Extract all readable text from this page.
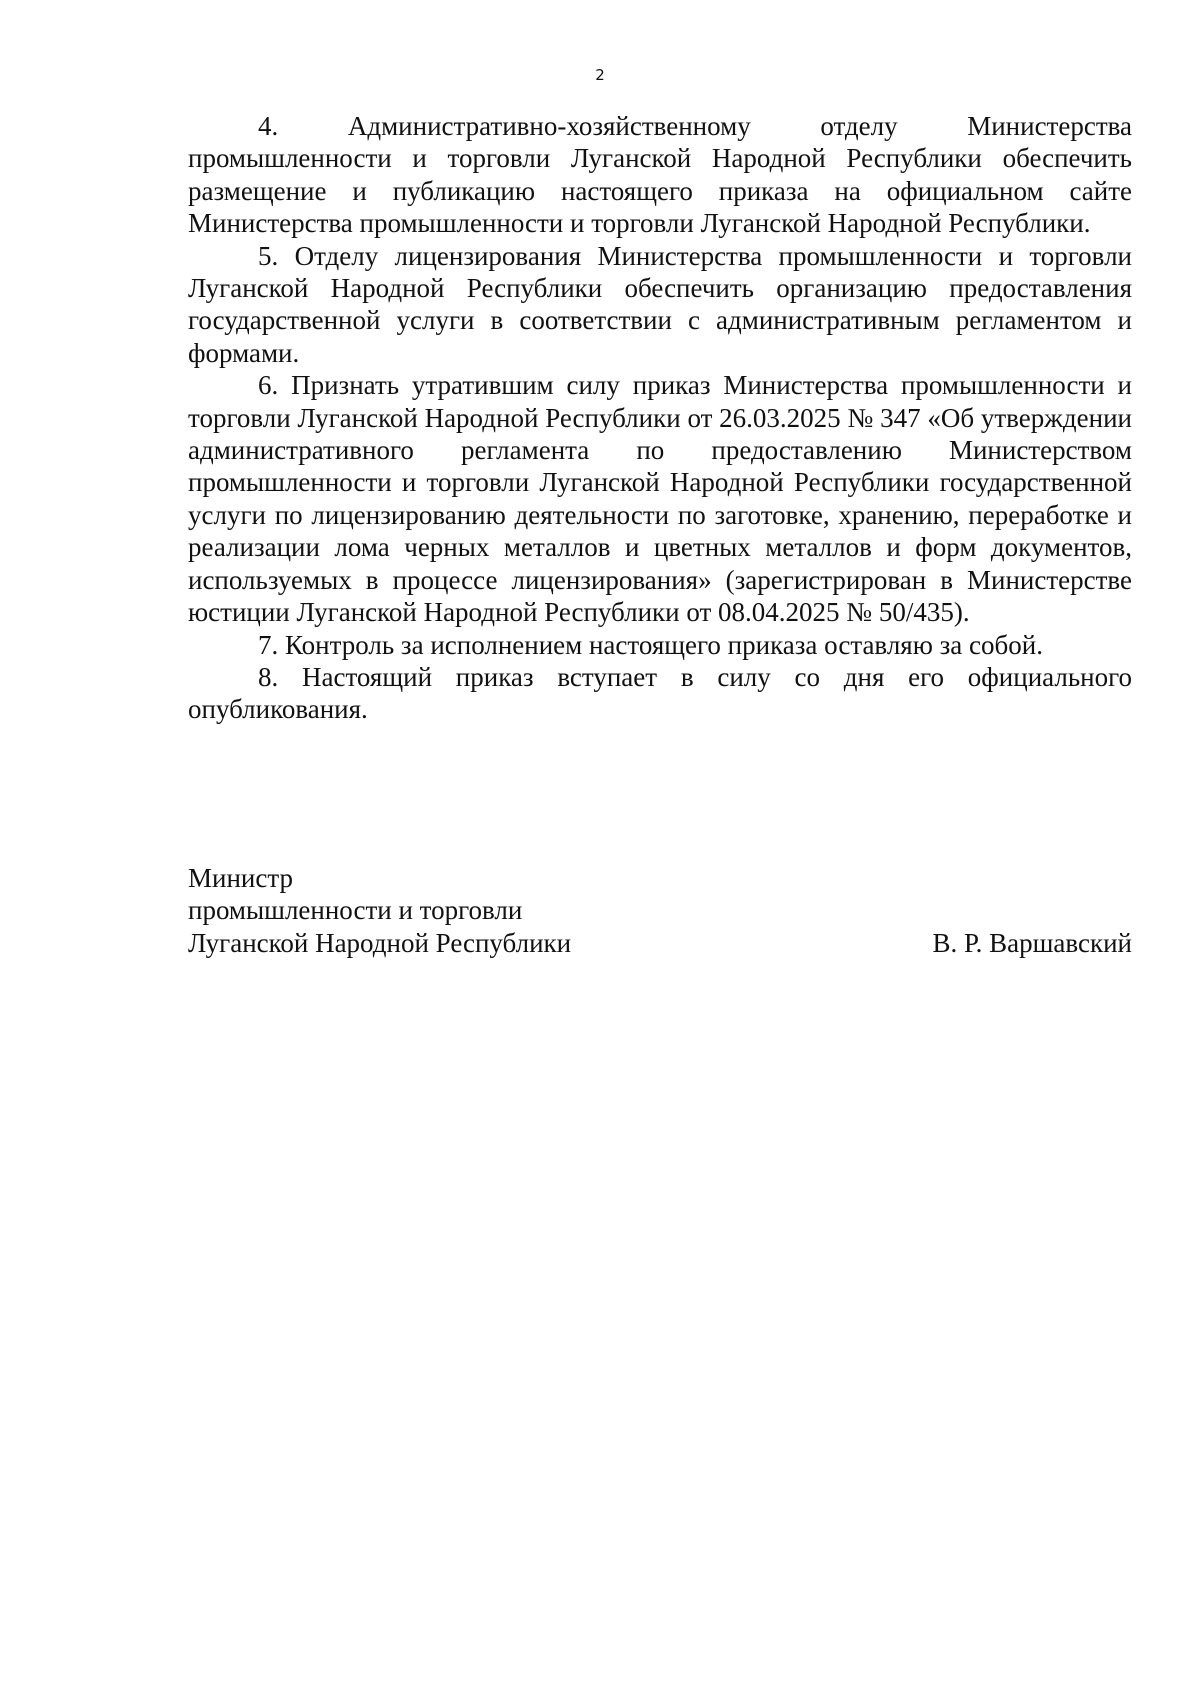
2

4. Административно-хозяйственному отделу Министерства промышленности и торговли Луганской Народной Республики обеспечить размещение и публикацию настоящего приказа на официальном сайте Министерства промышленности и торговли Луганской Народной Республики.

5. Отделу лицензирования Министерства промышленности и торговли Луганской Народной Республики обеспечить организацию предоставления государственной услуги в соответствии с административным регламентом и формами.

6. Признать утратившим силу приказ Министерства промышленности и торговли Луганской Народной Республики от 26.03.2025 № 347 «Об утверждении административного регламента по предоставлению Министерством промышленности и торговли Луганской Народной Республики государственной услуги по лицензированию деятельности по заготовке, хранению, переработке и реализации лома черных металлов и цветных металлов и форм документов, используемых в процессе лицензирования» (зарегистрирован в Министерстве юстиции Луганской Народной Республики от 08.04.2025 № 50/435).

7. Контроль за исполнением настоящего приказа оставляю за собой.

8. Настоящий приказ вступает в силу со дня его официального опубликования.

Министр
промышленности и торговли
Луганской Народной Республики	В. Р. Варшавский
